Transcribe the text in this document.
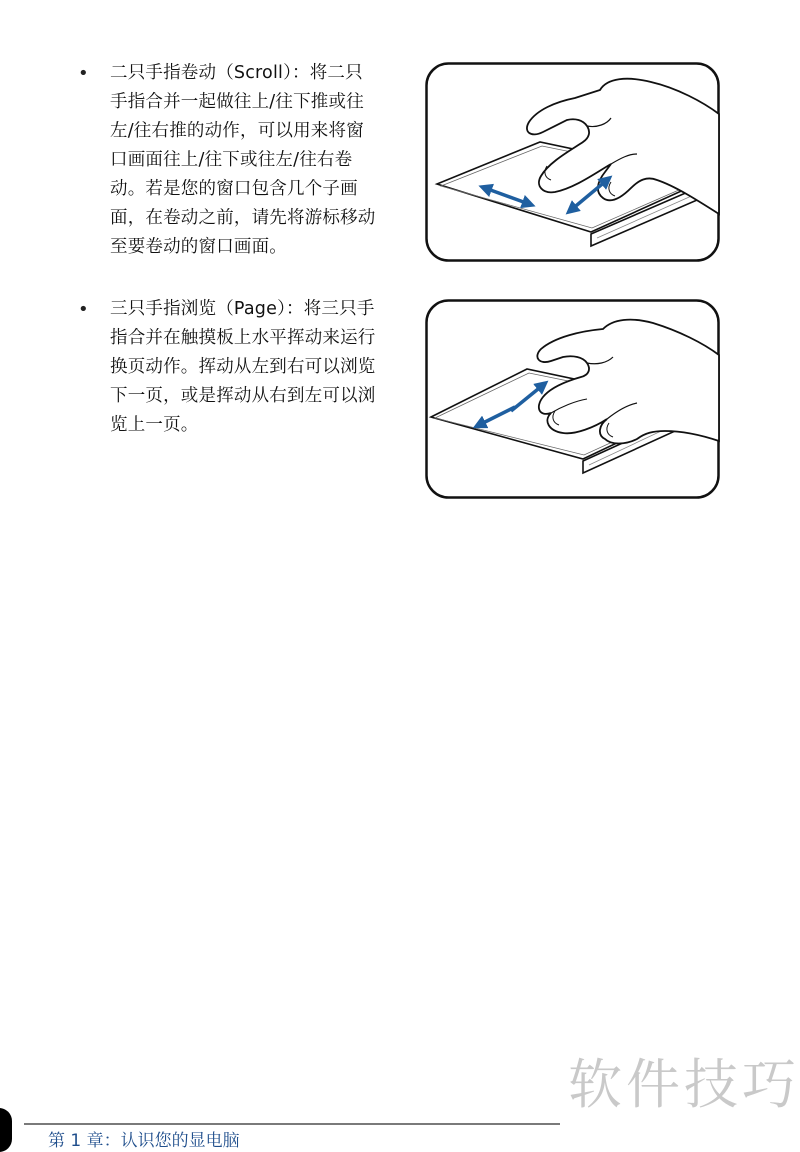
• 二只手指卷动（Scroll）：将二只
手指合并一起做往上/往下推或往
左/往右推的动作，可以用来将窗
口画面往上/往下或往左/往右卷
动。若是您的窗口包含几个子画
面，在卷动之前，请先将游标移动
至要卷动的窗口画面。
• 三只手指浏览（Page）：将三只手
指合并在触摸板上水平挥动来运行
换页动作。挥动从左到右可以浏览
下一页，或是挥动从右到左可以浏
览上一页。
软件技巧
第 1 章：认识您的显电脑
